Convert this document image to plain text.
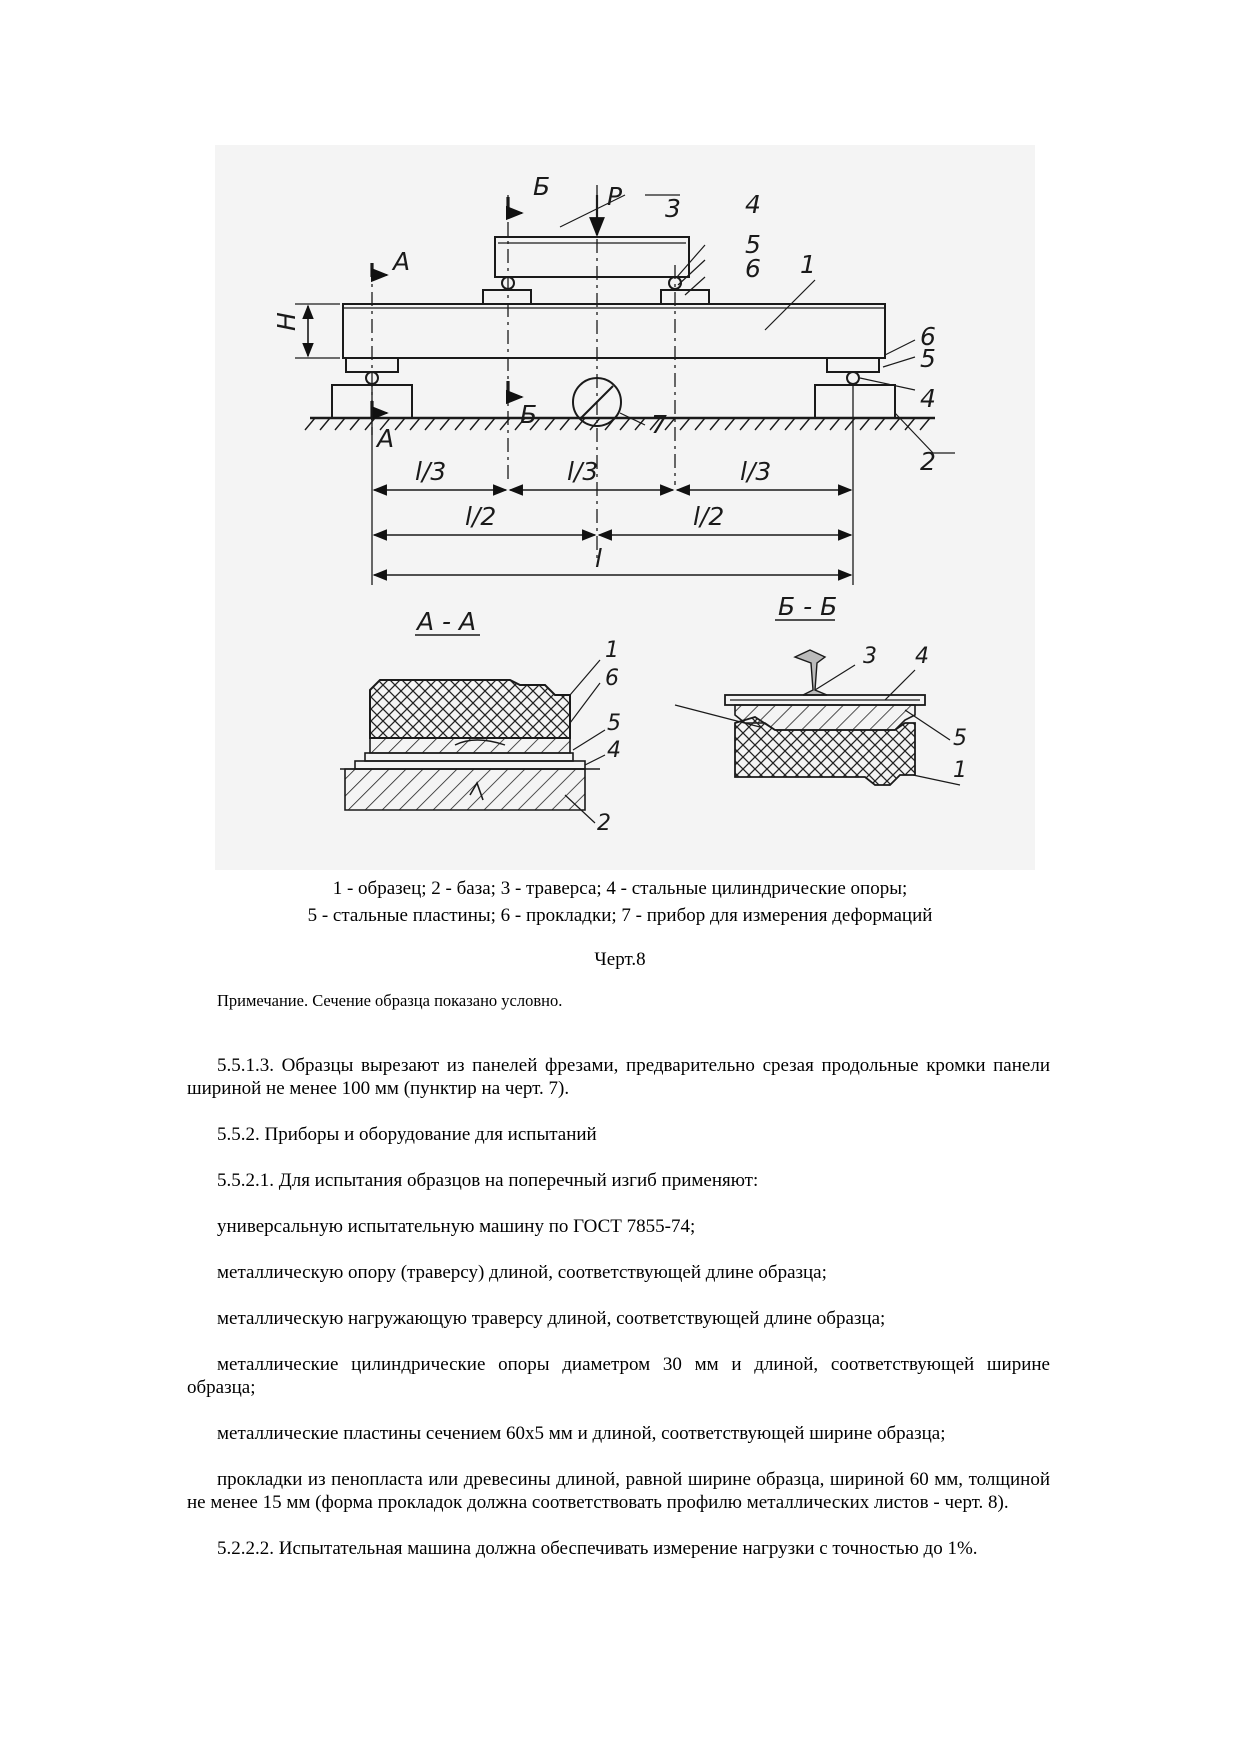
Б P 3	4
5
6 1
А
H
6
5
4
2
Б	7
А
l/3	l/3	l/3
l/2	l/2
l
А - А
1
6
5
4
2
Б - Б
3 4
5
1
1 - образец; 2 - база; 3 - траверса; 4 - стальные цилиндрические опоры;
5 - стальные пластины; 6 - прокладки; 7 - прибор для измерения деформаций
Черт.8
Примечание. Сечение образца показано условно.

5.5.1.3. Образцы вырезают из панелей фрезами, предварительно срезая продольные кромки панели шириной не менее 100 мм (пунктир на черт. 7).

5.5.2. Приборы и оборудование для испытаний

5.5.2.1. Для испытания образцов на поперечный изгиб применяют:

универсальную испытательную машину по ГОСТ 7855-74;

металлическую опору (траверсу) длиной, соответствующей длине образца;

металлическую нагружающую траверсу длиной, соответствующей длине образца;

металлические цилиндрические опоры диаметром 30 мм и длиной, соответствующей ширине образца;

металлические пластины сечением 60х5 мм и длиной, соответствующей ширине образца;

прокладки из пенопласта или древесины длиной, равной ширине образца, шириной 60 мм, толщиной не менее 15 мм (форма прокладок должна соответствовать профилю металлических листов - черт. 8).

5.2.2.2. Испытательная машина должна обеспечивать измерение нагрузки с точностью до 1%.
